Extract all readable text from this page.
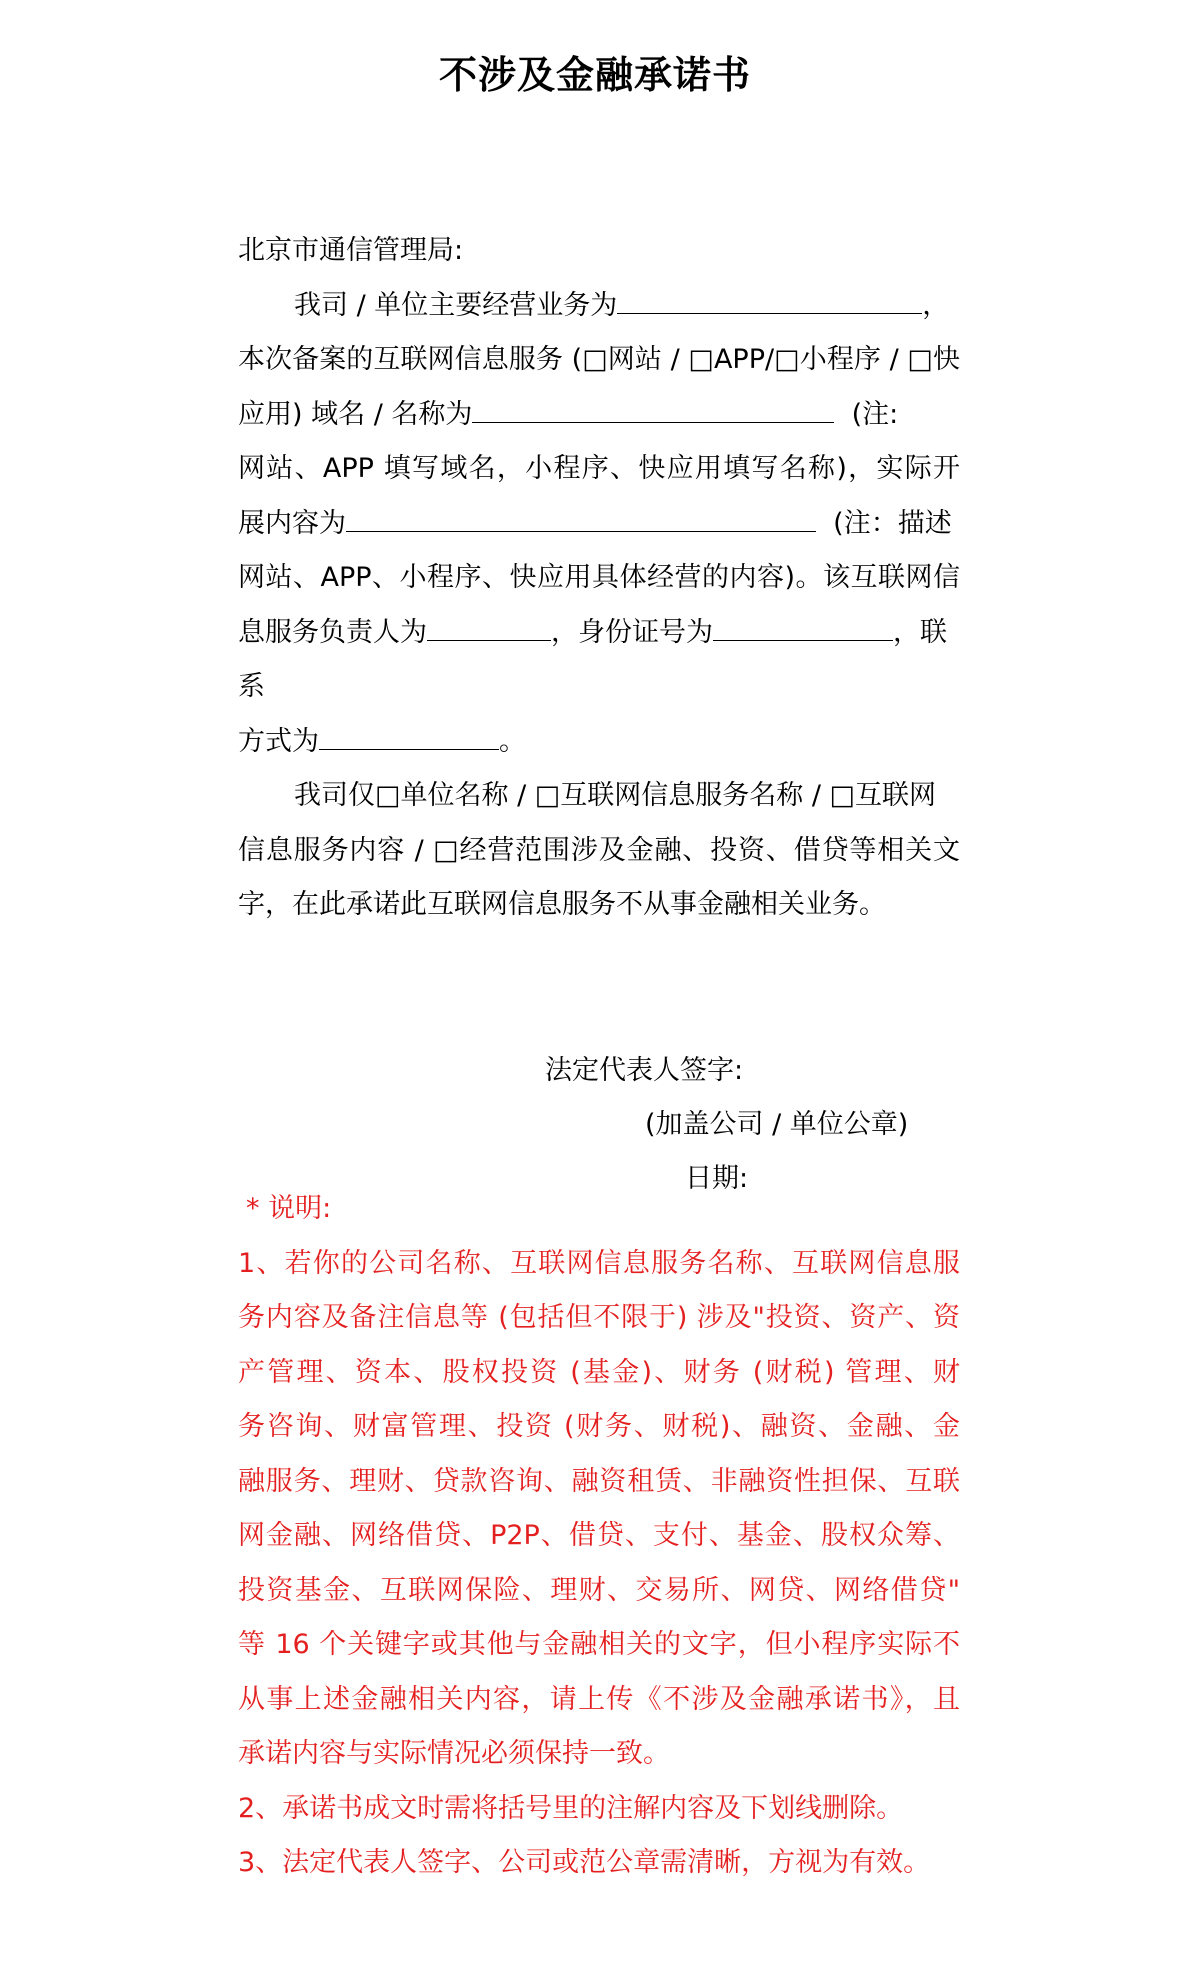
不涉及金融承诺书
北京市通信管理局:
我司 / 单位主要经营业务为	，
本次备案的互联网信息服务 (□网站 / □APP/□小程序 / □快
应用) 域名 / 名称为	(注:
网站、APP 填写域名，小程序、快应用填写名称)，实际开
展内容为	(注：描述
网站、APP、小程序、快应用具体经营的内容)。该互联网信
息服务负责人为	，身份证号为	，联
系
方式为	。
我司仅□单位名称 / □互联网信息服务名称 / □互联网
信息服务内容 / □经营范围涉及金融、投资、借贷等相关文
字，在此承诺此互联网信息服务不从事金融相关业务。
法定代表人签字:
(加盖公司 / 单位公章)
日期:
* 说明:
1、若你的公司名称、互联网信息服务名称、互联网信息服
务内容及备注信息等 (包括但不限于) 涉及"投资、资产、资
产管理、资本、股权投资 (基金)、财务 (财税) 管理、财
务咨询、财富管理、投资 (财务、财税)、融资、金融、金
融服务、理财、贷款咨询、融资租赁、非融资性担保、互联
网金融、网络借贷、P2P、借贷、支付、基金、股权众筹、
投资基金、互联网保险、理财、交易所、网贷、网络借贷"
等 16 个关键字或其他与金融相关的文字，但小程序实际不
从事上述金融相关内容，请上传《不涉及金融承诺书》，且
承诺内容与实际情况必须保持一致。
2、承诺书成文时需将括号里的注解内容及下划线删除。
3、法定代表人签字、公司或范公章需清晰，方视为有效。
